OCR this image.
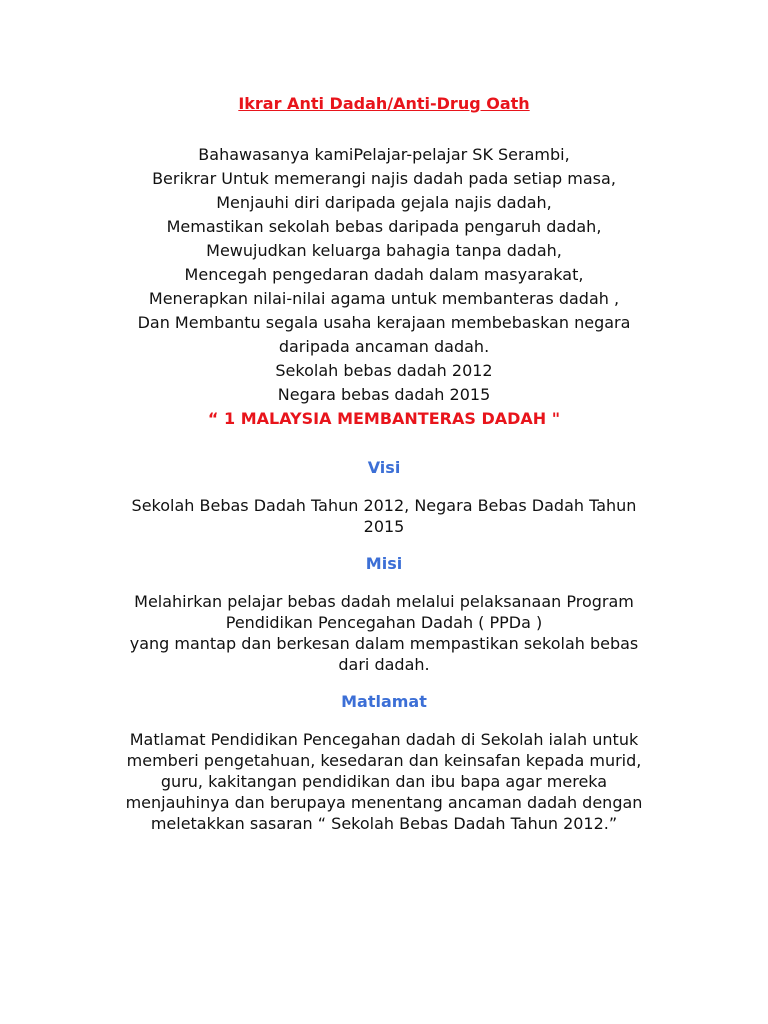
Ikrar Anti Dadah/Anti-Drug Oath

Bahawasanya kamiPelajar-pelajar SK Serambi,

Berikrar Untuk memerangi najis dadah pada setiap masa,

Menjauhi diri daripada gejala najis dadah,

Memastikan sekolah bebas daripada pengaruh dadah,

Mewujudkan keluarga bahagia tanpa dadah,

Mencegah pengedaran dadah dalam masyarakat,

Menerapkan nilai-nilai agama untuk membanteras dadah ,

Dan Membantu segala usaha kerajaan membebaskan negara

daripada ancaman dadah.

Sekolah bebas dadah 2012

Negara bebas dadah 2015

“ 1 MALAYSIA MEMBANTERAS DADAH "

Visi

Sekolah Bebas Dadah Tahun 2012, Negara Bebas Dadah Tahun

2015

Misi

Melahirkan pelajar bebas dadah melalui pelaksanaan Program

Pendidikan Pencegahan Dadah ( PPDa )

yang mantap dan berkesan dalam mempastikan sekolah bebas

dari dadah.

Matlamat

Matlamat Pendidikan Pencegahan dadah di Sekolah ialah untuk

memberi pengetahuan, kesedaran dan keinsafan kepada murid,

guru, kakitangan pendidikan dan ibu bapa agar mereka

menjauhinya dan berupaya menentang ancaman dadah dengan

meletakkan sasaran “ Sekolah Bebas Dadah Tahun 2012.”
